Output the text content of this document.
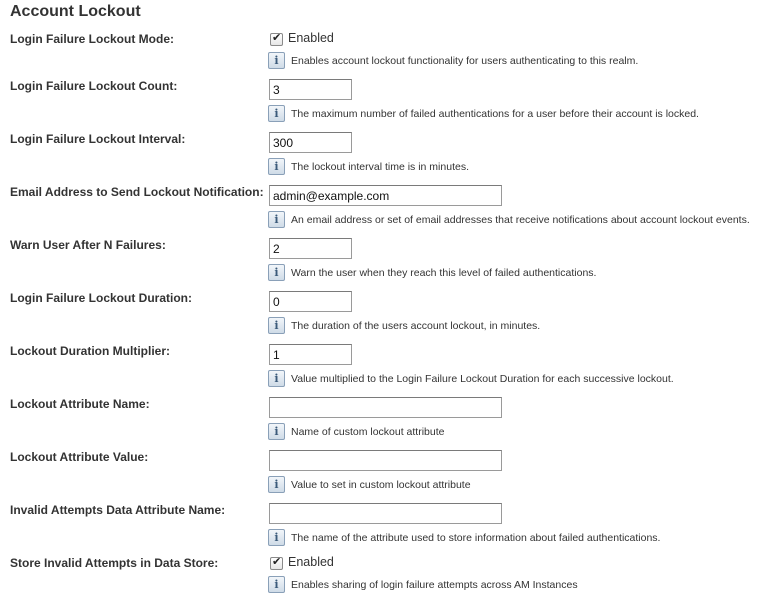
Account Lockout
Login Failure Lockout Mode: ✔	Enabled
i	Enables account lockout functionality for users authenticating to this realm.
Login Failure Lockout Count:
3
i	The maximum number of failed authentications for a user before their account is locked.
Login Failure Lockout Interval:
300
i	The lockout interval time is in minutes.
Email Address to Send Lockout Notification:
admin@example.com
i	An email address or set of email addresses that receive notifications about account lockout events.
Warn User After N Failures:
2
i	Warn the user when they reach this level of failed authentications.
Login Failure Lockout Duration:
0
i	The duration of the users account lockout, in minutes.
Lockout Duration Multiplier:
1
i	Value multiplied to the Login Failure Lockout Duration for each successive lockout.
Lockout Attribute Name:
i	Name of custom lockout attribute
Lockout Attribute Value:
i	Value to set in custom lockout attribute
Invalid Attempts Data Attribute Name:
i	The name of the attribute used to store information about failed authentications.
Store Invalid Attempts in Data Store: ✔	Enabled
i	Enables sharing of login failure attempts across AM Instances
